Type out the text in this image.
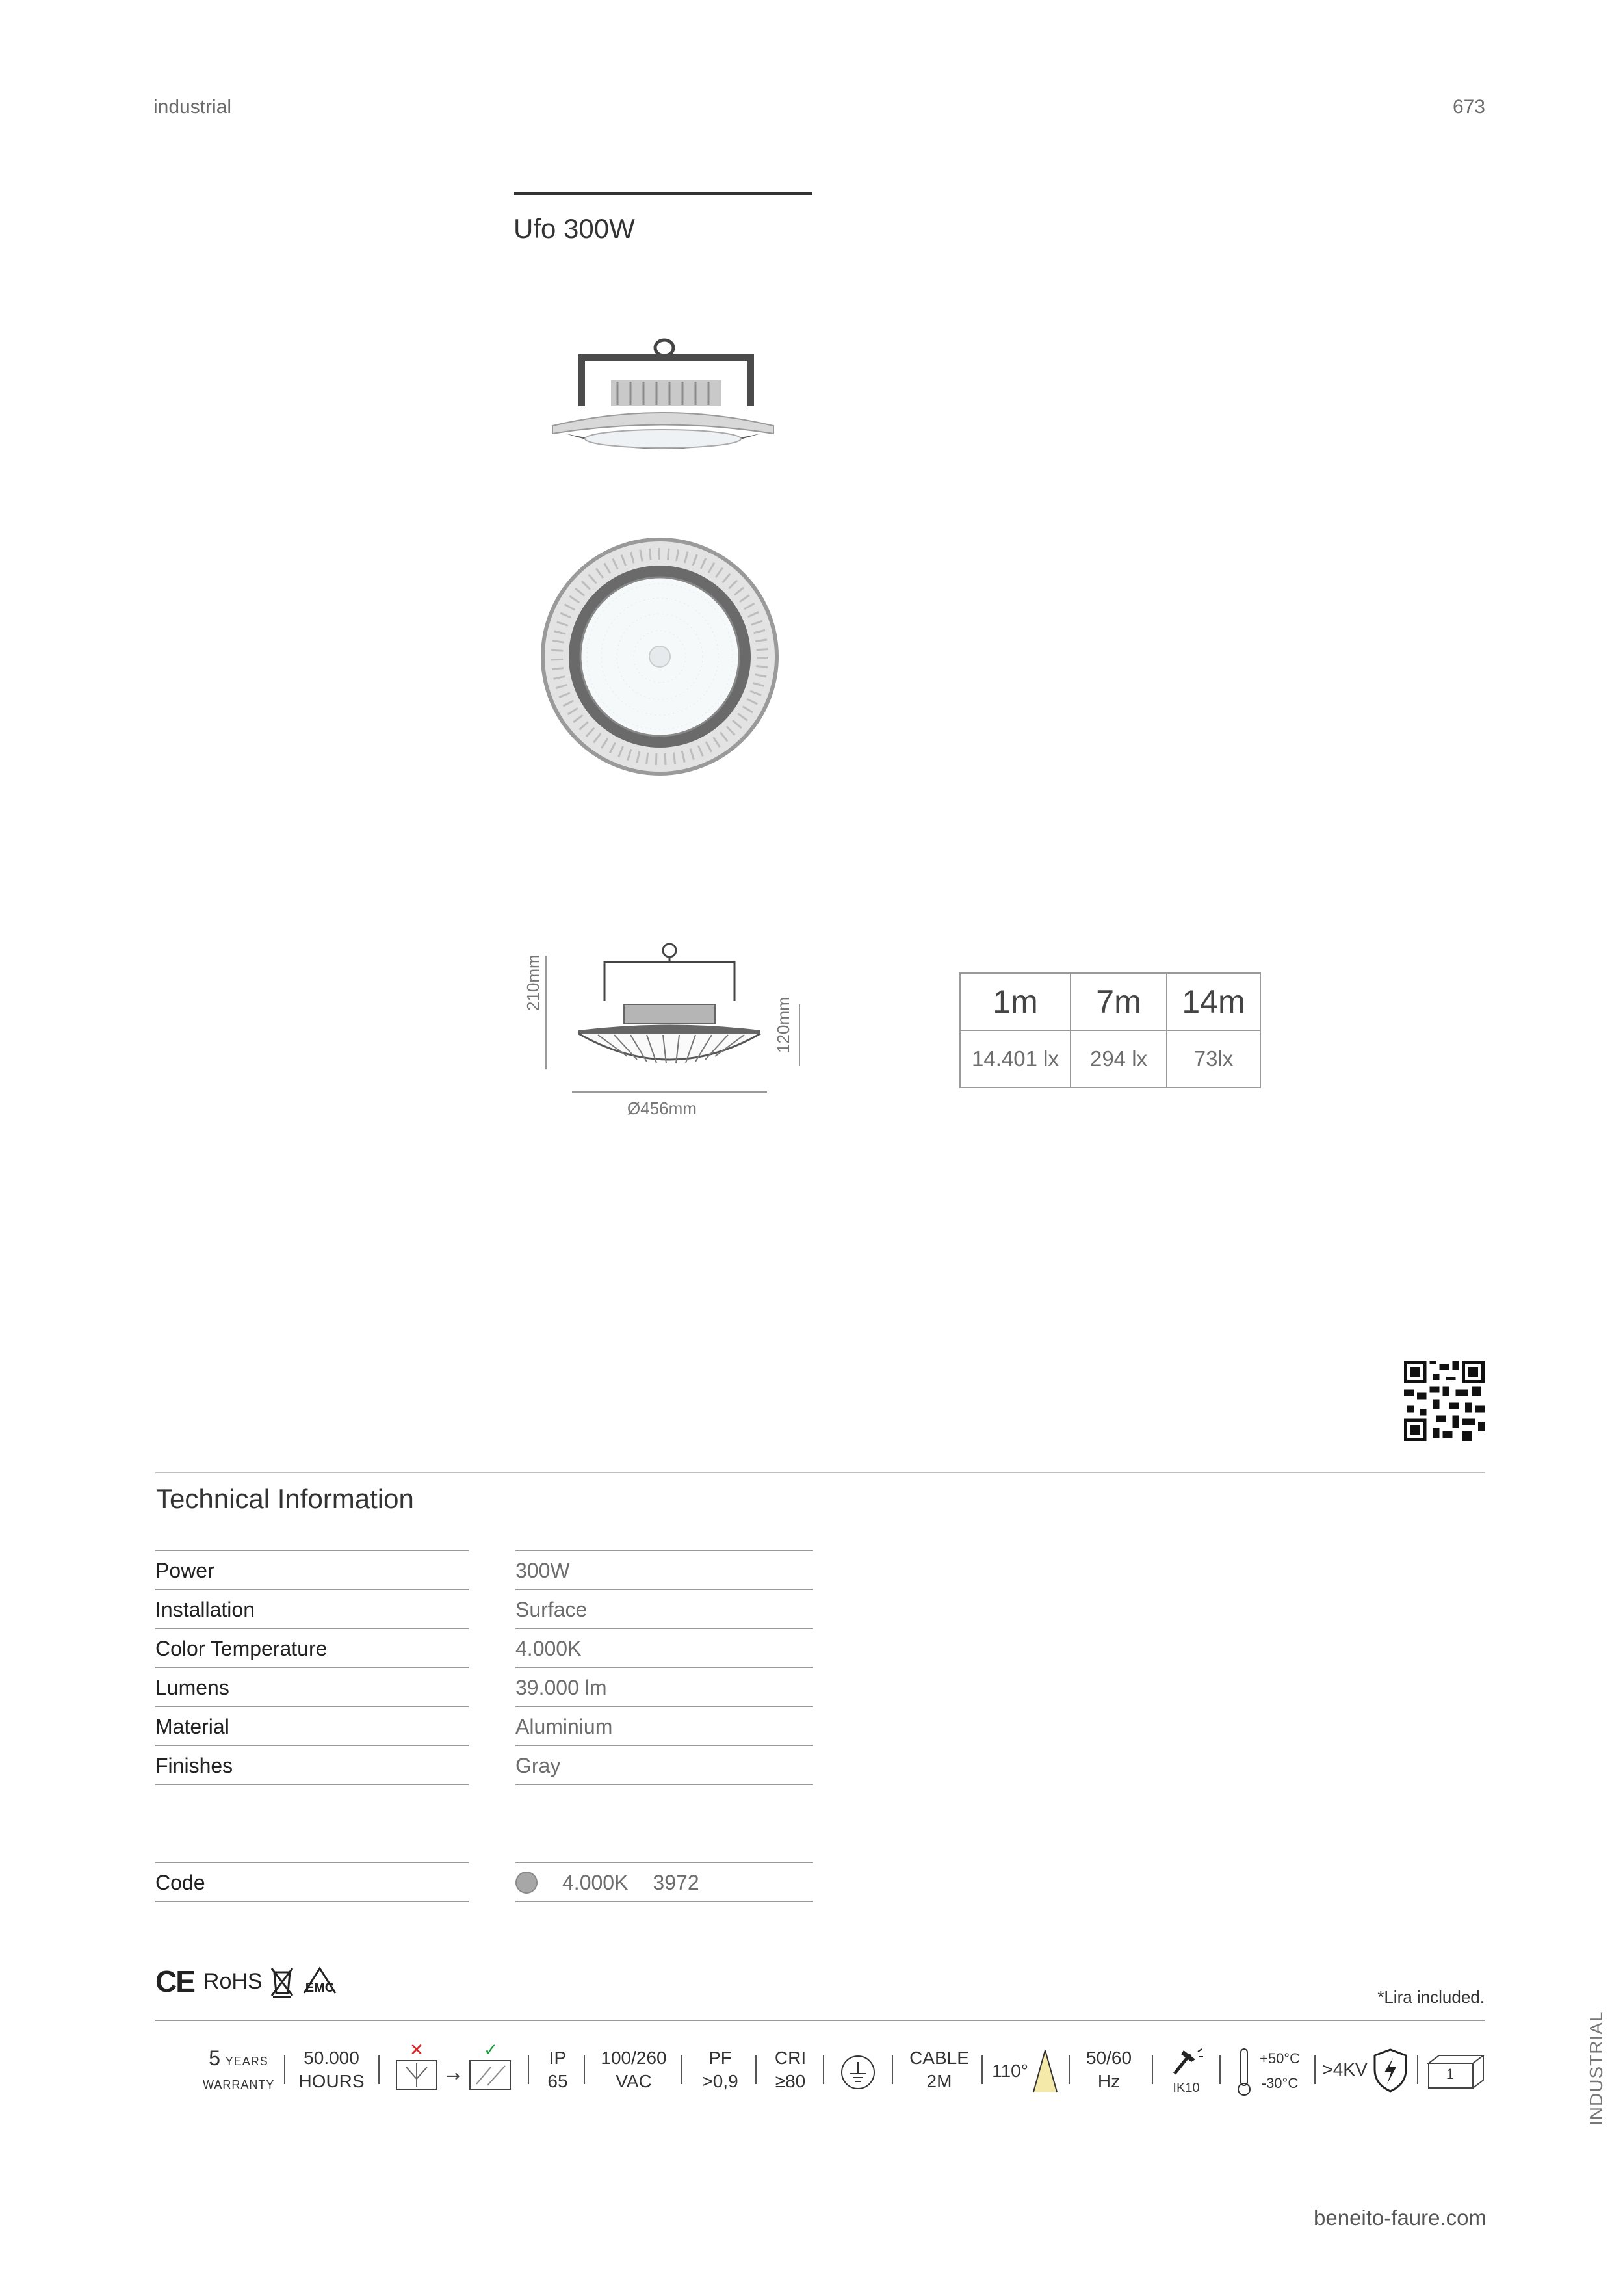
industrial	673
Ufo 300W
210mm
120mm
Ø456mm
1m	7m	14m
14.401 lx	294 lx	73lx
Technical Information
Power	300W
Installation	Surface
Color Temperature	4.000K
Lumens	39.000 lm
Material	Aluminium
Finishes	Gray
Code	4.000K 3972
CE RoHS	EMC	*Lira included.
5 YEARS
WARRANTY
50.000
HOURS
✕	✓
→
IP
65
100/260
VAC
PF
>0,9
CRI
≥80
CABLE
2M
110°
50/60
Hz	IK10
+50°C
-30°C
>4KV	1
beneito-faure.com
INDUSTRIAL
